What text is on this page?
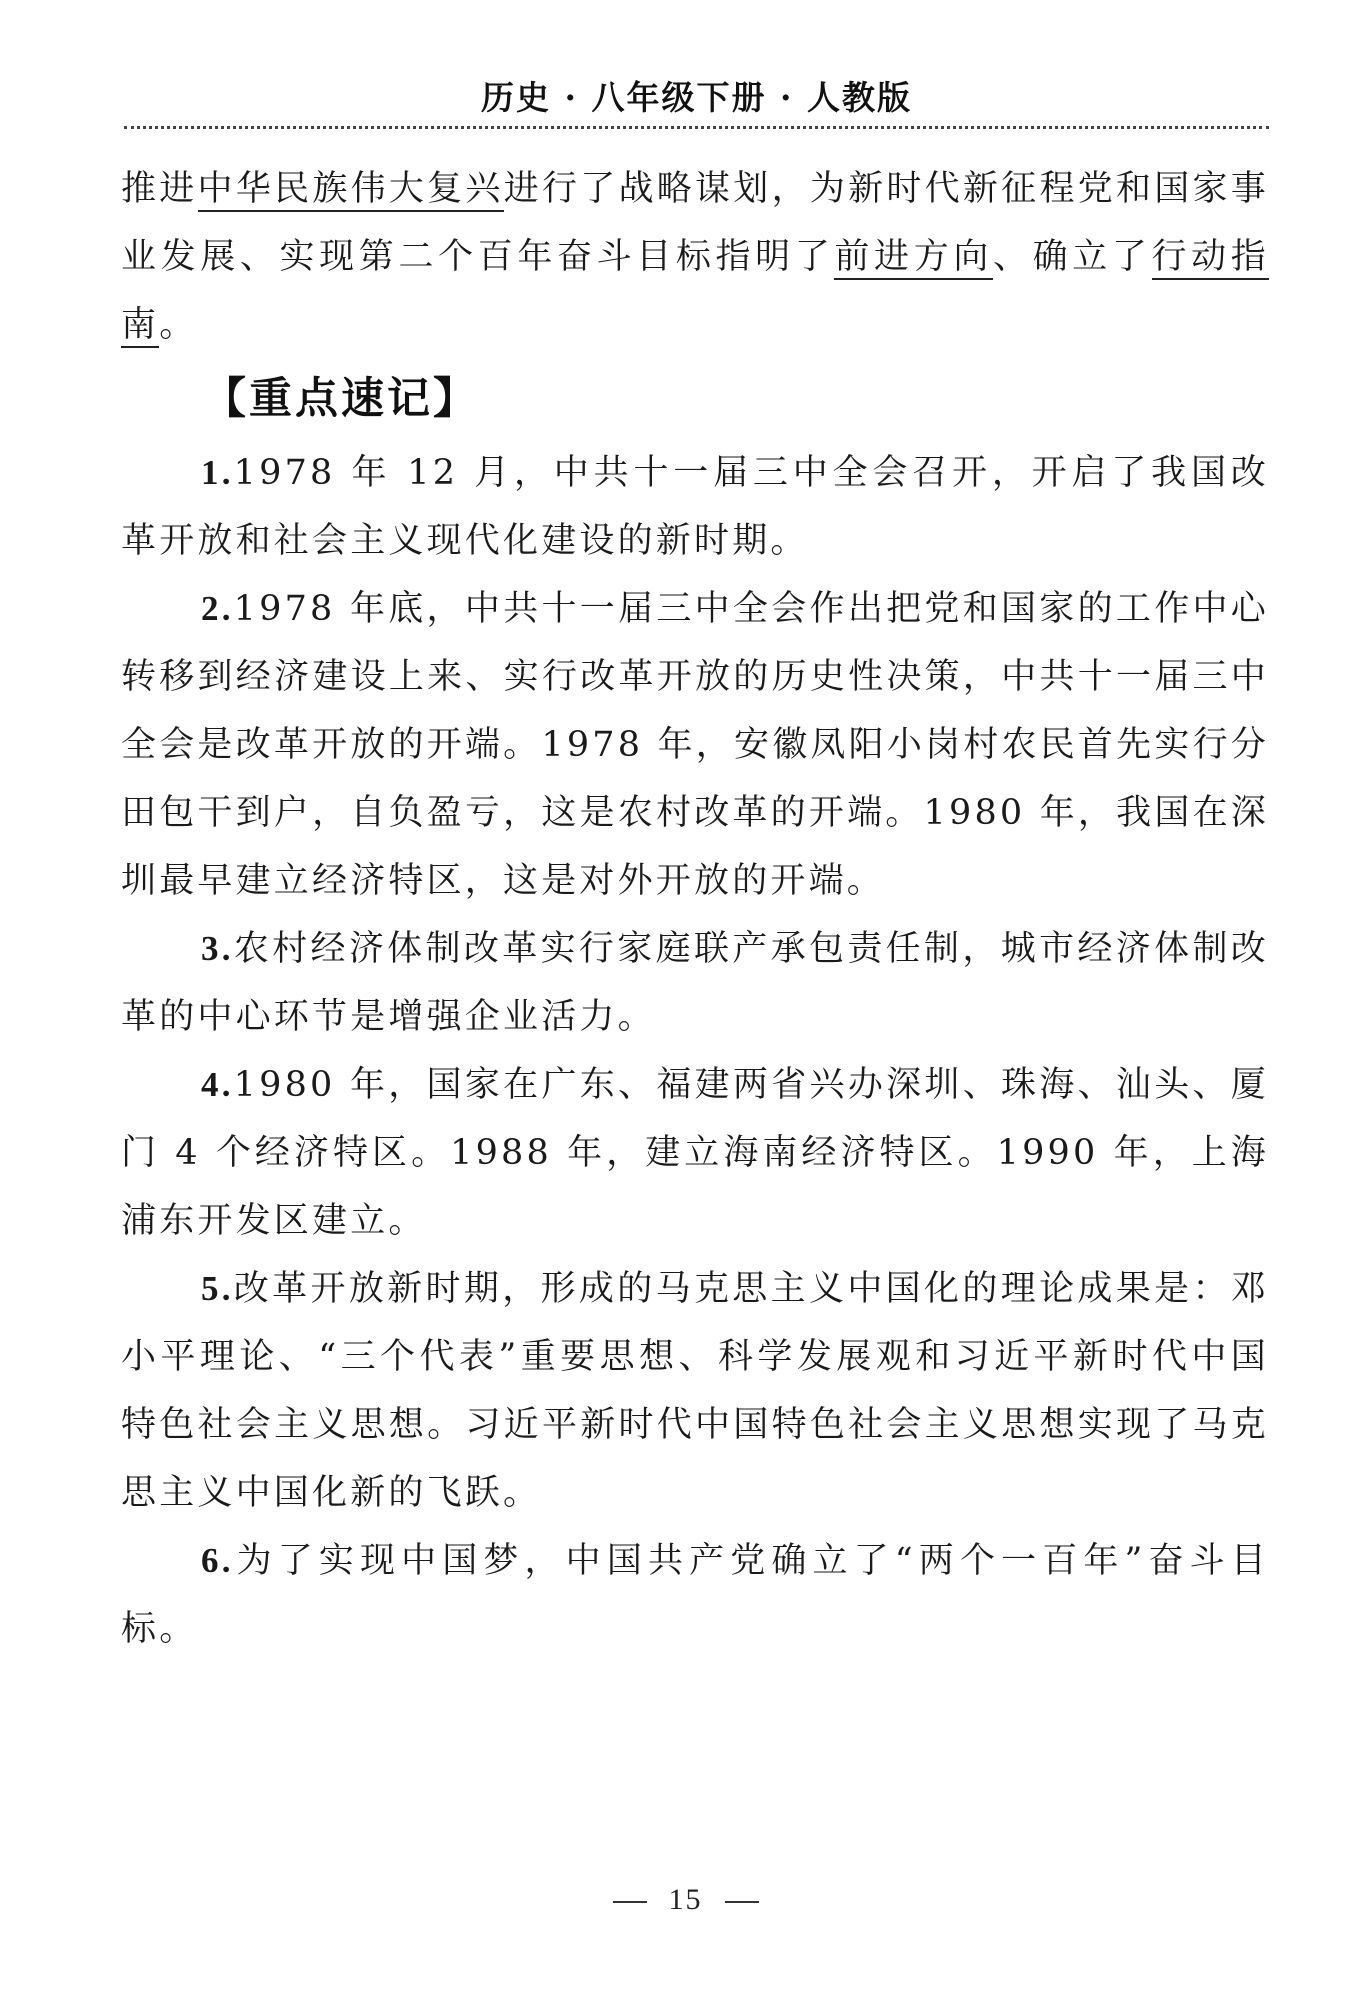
历史 · 八年级下册 · 人教版

推进中华民族伟大复兴进行了战略谋划，为新时代新征程党和国家事业发展、实现第二个百年奋斗目标指明了前进方向、确立了行动指南。

【重点速记】

1.1978 年 12 月，中共十一届三中全会召开，开启了我国改革开放和社会主义现代化建设的新时期。

2.1978 年底，中共十一届三中全会作出把党和国家的工作中心转移到经济建设上来、实行改革开放的历史性决策，中共十一届三中全会是改革开放的开端。1978 年，安徽凤阳小岗村农民首先实行分田包干到户，自负盈亏，这是农村改革的开端。1980 年，我国在深圳最早建立经济特区，这是对外开放的开端。

3.农村经济体制改革实行家庭联产承包责任制，城市经济体制改革的中心环节是增强企业活力。

4.1980 年，国家在广东、福建两省兴办深圳、珠海、汕头、厦门 4 个经济特区。1988 年，建立海南经济特区。1990 年，上海浦东开发区建立。

5.改革开放新时期，形成的马克思主义中国化的理论成果是：邓小平理论、“三个代表”重要思想、科学发展观和习近平新时代中国特色社会主义思想。习近平新时代中国特色社会主义思想实现了马克思主义中国化新的飞跃。

6.为了实现中国梦，中国共产党确立了“两个一百年”奋斗目标。

15
